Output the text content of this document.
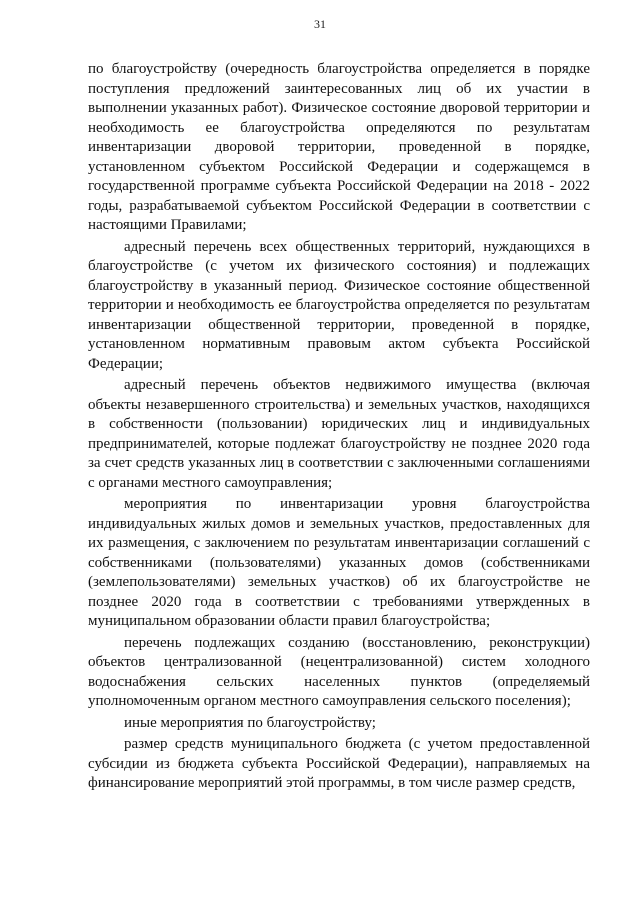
31

по благоустройству (очередность благоустройства определяется в порядке поступления предложений заинтересованных лиц об их участии в выполнении указанных работ). Физическое состояние дворовой территории и необходимость ее благоустройства определяются по результатам инвентаризации дворовой территории, проведенной в порядке, установленном субъектом Российской Федерации и содержащемся в государственной программе субъекта Российской Федерации на 2018 - 2022 годы, разрабатываемой субъектом Российской Федерации в соответствии с настоящими Правилами;

адресный перечень всех общественных территорий, нуждающихся в благоустройстве (с учетом их физического состояния) и подлежащих благоустройству в указанный период. Физическое состояние общественной территории и необходимость ее благоустройства определяется по результатам инвентаризации общественной территории, проведенной в порядке, установленном нормативным правовым актом субъекта Российской Федерации;

адресный перечень объектов недвижимого имущества (включая объекты незавершенного строительства) и земельных участков, находящихся в собственности (пользовании) юридических лиц и индивидуальных предпринимателей, которые подлежат благоустройству не позднее 2020 года за счет средств указанных лиц в соответствии с заключенными соглашениями с органами местного самоуправления;

мероприятия по инвентаризации уровня благоустройства индивидуальных жилых домов и земельных участков, предоставленных для их размещения, с заключением по результатам инвентаризации соглашений с собственниками (пользователями) указанных домов (собственниками (землепользователями) земельных участков) об их благоустройстве не позднее 2020 года в соответствии с требованиями утвержденных в муниципальном образовании области правил благоустройства;

перечень подлежащих созданию (восстановлению, реконструкции) объектов централизованной (нецентрализованной) систем холодного водоснабжения сельских населенных пунктов (определяемый уполномоченным органом местного самоуправления сельского поселения);

иные мероприятия по благоустройству;

размер средств муниципального бюджета (с учетом предоставленной субсидии из бюджета субъекта Российской Федерации), направляемых на финансирование мероприятий этой программы, в том числе размер средств,
